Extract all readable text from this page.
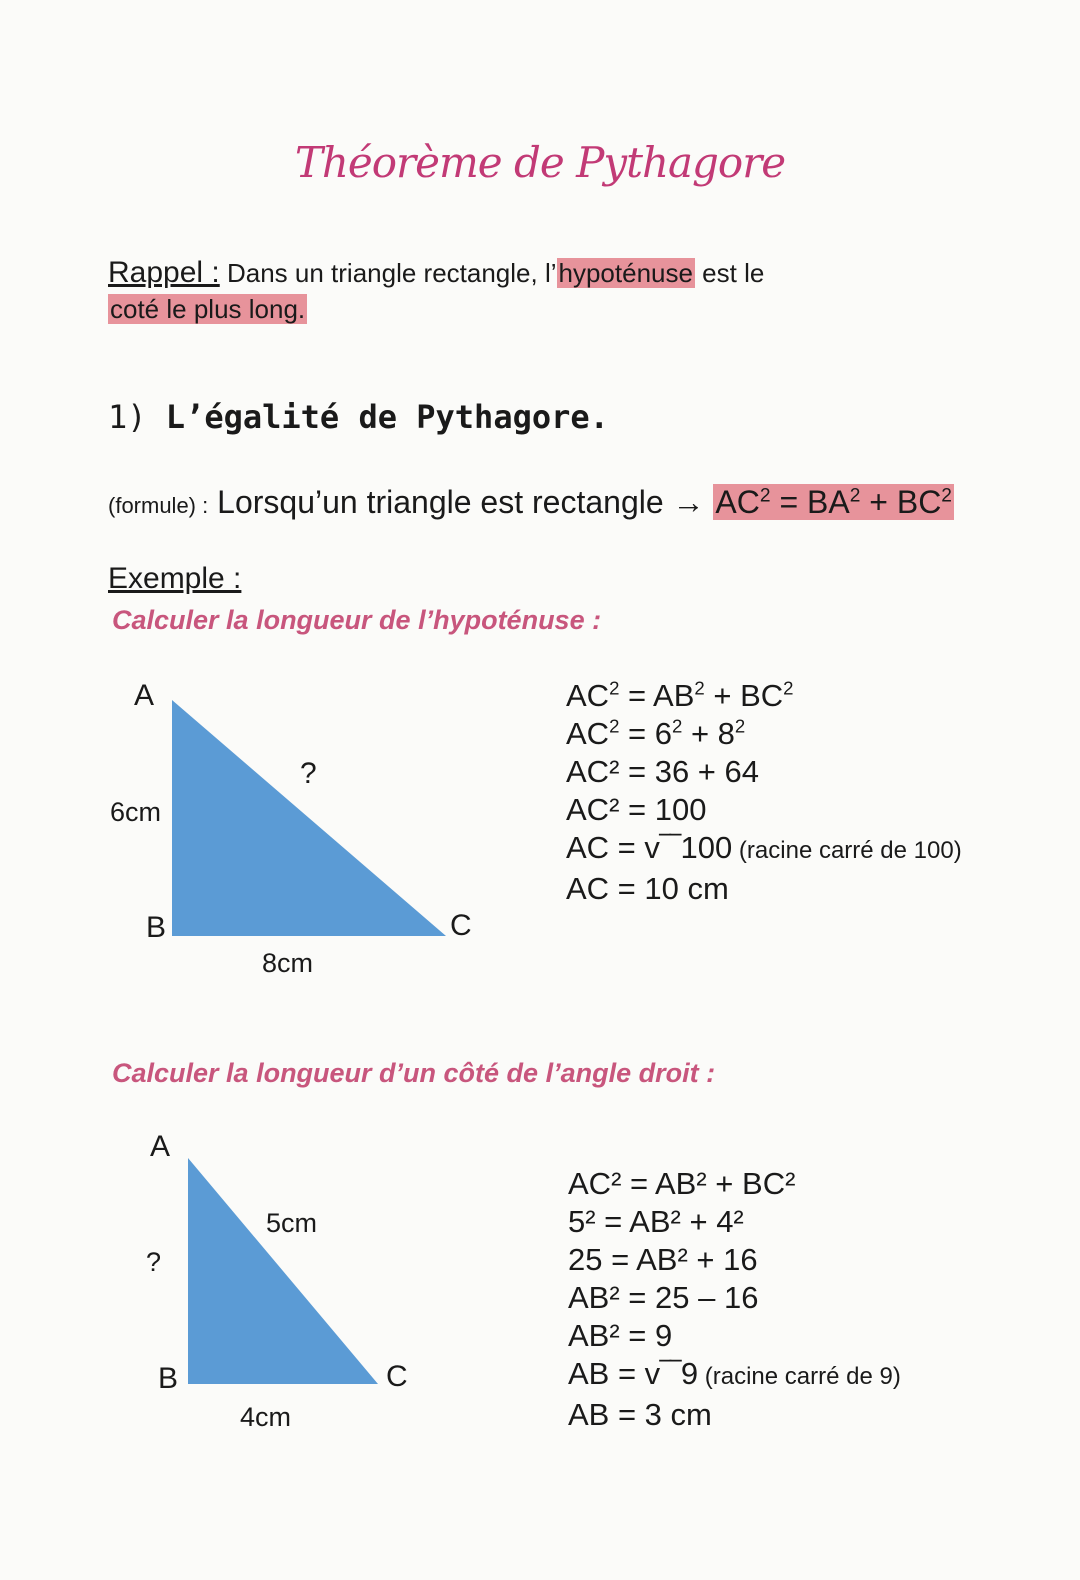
Théorème de Pythagore
Rappel : Dans un triangle rectangle, l’hypoténuse est le
coté le plus long.
1) L’égalité de Pythagore.
(formule) : Lorsqu’un triangle est rectangle → $AC^2 = BA^2 + BC^2$
Exemple :
Calculer la longueur de l’hypoténuse :
A
6cm
?
B	C
8cm
$AC^2 = AB^2 + BC^2$
$AC^2 = 6^2 + 8^2$
AC² = 36 + 64
AC² = 100
AC = v‾‾100 (racine carré de 100)
AC = 10 cm
Calculer la longueur d’un côté de l’angle droit :
A
?
5cm
B	C
4cm
AC² = AB² + BC²
5² = AB² + 4²
25 = AB² + 16
AB² = 25 – 16
AB² = 9
AB = v‾‾9 (racine carré de 9)
AB = 3 cm
